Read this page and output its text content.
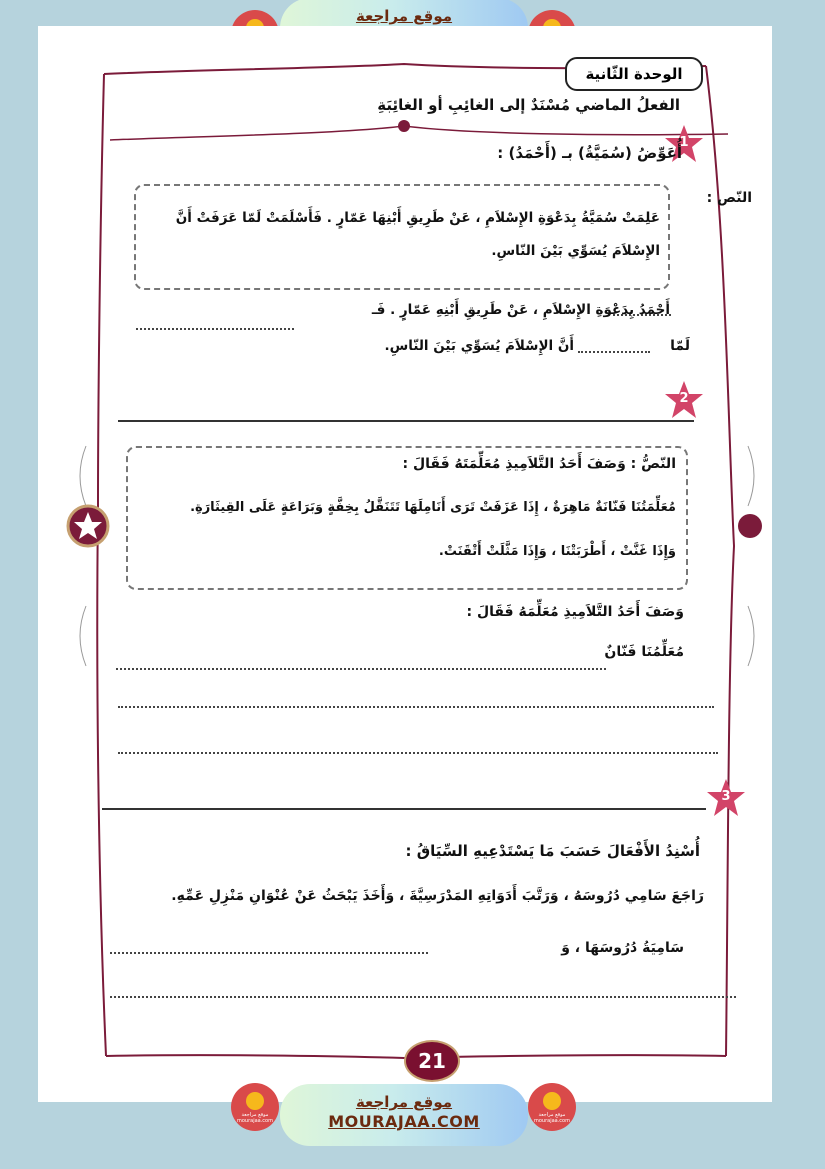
موقع مراجعة
الوحدة الثّانية
الفعلُ الماضي مُسْنَدٌ إلى الغائِبِ أو الغائِبَةِ
1
أُعَوِّضُ (سُمَيَّةُ) بـ (أَحْمَدُ) :
النّص :
عَلِمَتْ سُمَيَّةُ بِدَعْوَةِ الإِسْلاَمِ ، عَنْ طَرِيقِ أَبْنِهَا عَمّارٍ . فَأَسْلَمَتْ لَمّا عَرَفَتْ أَنَّ
الإِسْلاَمَ يُسَوِّي بَيْنَ النّاسِ.
أَحْمَدُ بِدَعْوَةِ الإِسْلاَمِ ، عَنْ طَرِيقِ أَبْنِهِ عَمّارٍ . فَـ
لَمّا
أَنَّ الإِسْلاَمَ يُسَوِّي بَيْنَ النّاسِ.
2
النّصُّ : وَصَفَ أَحَدُ التَّلاَمِيذِ مُعَلِّمَتَهُ فَقَالَ :
مُعَلِّمَتُنَا فَنّانَةٌ مَاهِرَةٌ ، إِذَا عَزَفَتْ تَرَى أَنَامِلَهَا تَتَنَقَّلُ بِخِفَّةٍ وَبَرَاعَةٍ عَلَى القِيثَارَةِ.
وَإِذَا غَنَّتْ ، أَطْرَبَتْنَا ، وَإِذَا مَثَّلَتْ أَتْقَنَتْ.
وَصَفَ أَحَدُ التَّلاَمِيذِ مُعَلِّمَهُ فَقَالَ :
مُعَلِّمُنَا فَنّانٌ
3
أُسْنِدُ الأَفْعَالَ حَسَبَ مَا يَسْتَدْعِيهِ السِّيَاقُ :
رَاجَعَ سَامِي دُرُوسَهُ ، وَرَتَّبَ أَدَوَاتِهِ المَدْرَسِيَّةَ ، وَأَخَذَ يَبْحَثُ عَنْ عُنْوَانِ مَنْزِلِ عَمِّهِ.
سَامِيَةُ دُرُوسَهَا ، وَ
21
موقع مراجعة mourajaa.com
موقع مراجعة
MOURAJAA.COM	موقع مراجعة mourajaa.com
